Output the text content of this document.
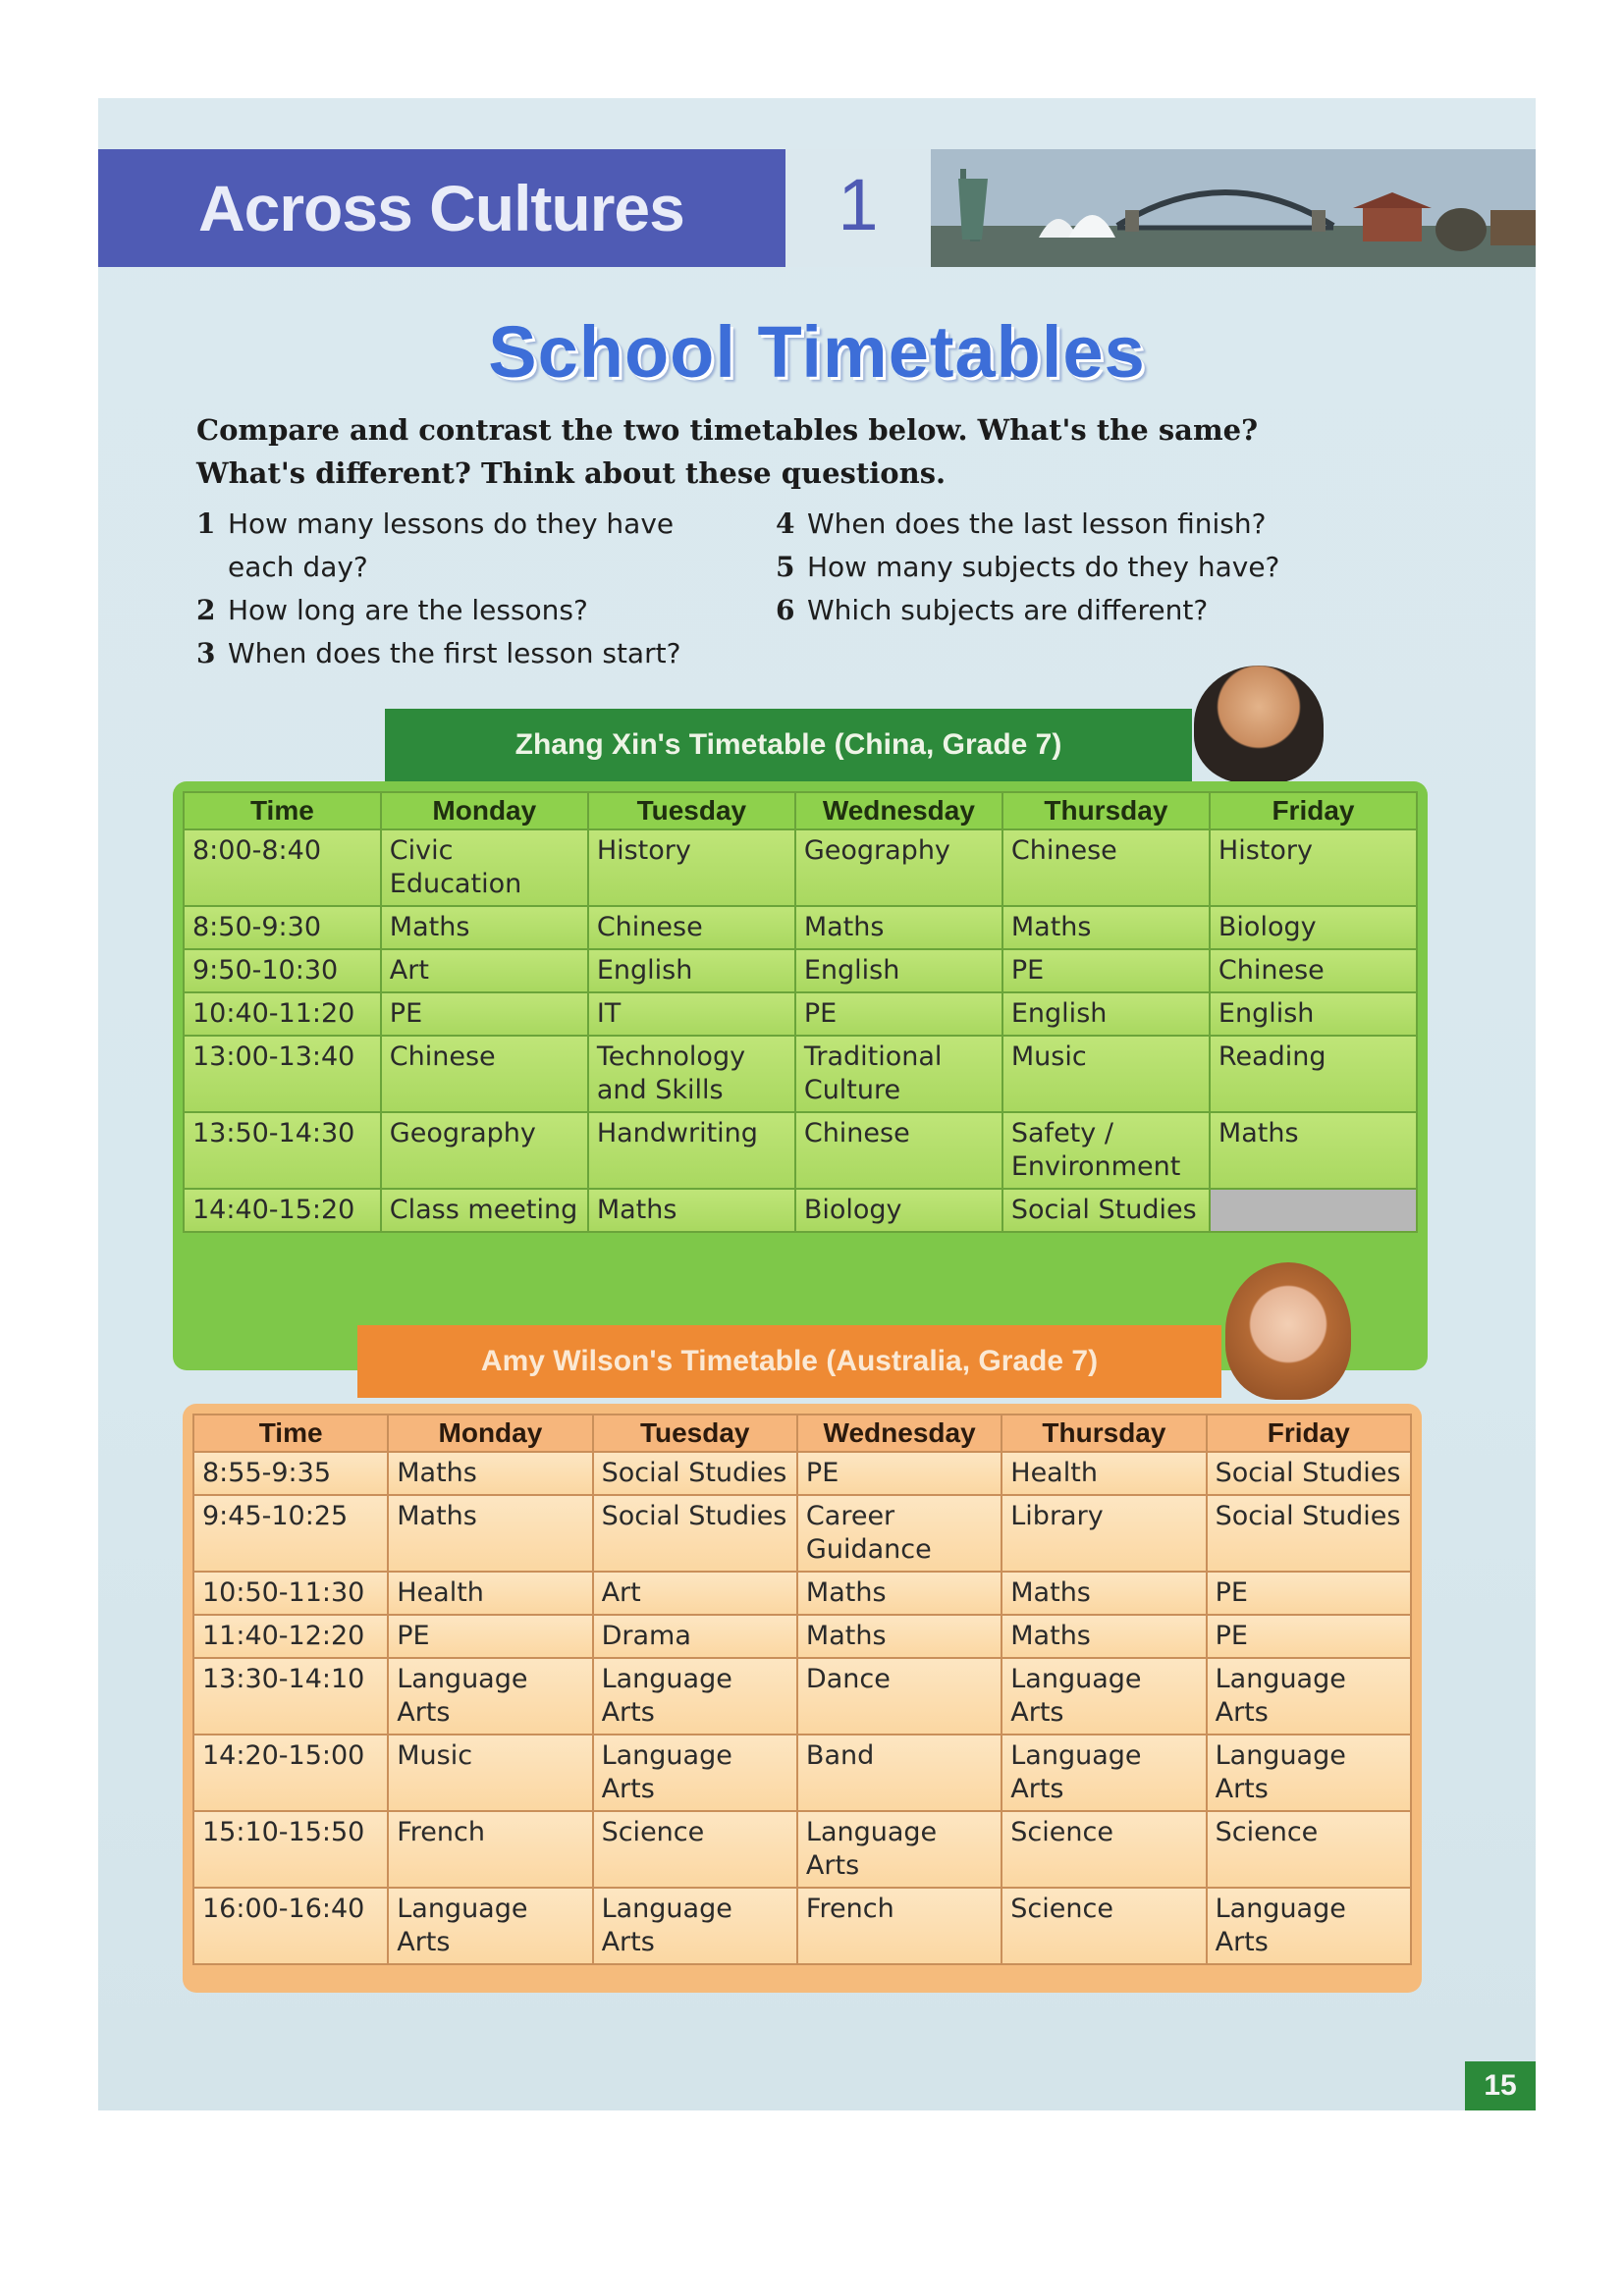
Across Cultures	1
School Timetables
Compare and contrast the two timetables below. What's the same?
What's different? Think about these questions.
1 How many lessons do they have each day?
2 How long are the lessons?
3 When does the first lesson start?
4 When does the last lesson finish?
5 How many subjects do they have?
6 Which subjects are different?
Zhang Xin's Timetable (China, Grade 7)
Time	Monday	Tuesday	Wednesday	Thursday	Friday
8:00-8:40	Civic Education	History	Geography	Chinese	History
8:50-9:30	Maths	Chinese	Maths	Maths	Biology
9:50-10:30	Art	English	English	PE	Chinese
10:40-11:20	PE	IT	PE	English	English
13:00-13:40	Chinese	Technology and Skills	Traditional Culture	Music	Reading
13:50-14:30	Geography	Handwriting	Chinese	Safety / Environment	Maths
14:40-15:20	Class meeting	Maths	Biology	Social Studies	
Amy Wilson's Timetable (Australia, Grade 7)
Time	Monday	Tuesday	Wednesday	Thursday	Friday
8:55-9:35	Maths	Social Studies	PE	Health	Social Studies
9:45-10:25	Maths	Social Studies	Career Guidance	Library	Social Studies
10:50-11:30	Health	Art	Maths	Maths	PE
11:40-12:20	PE	Drama	Maths	Maths	PE
13:30-14:10	Language Arts	Language Arts	Dance	Language Arts	Language Arts
14:20-15:00	Music	Language Arts	Band	Language Arts	Language Arts
15:10-15:50	French	Science	Language Arts	Science	Science
16:00-16:40	Language Arts	Language Arts	French	Science	Language Arts
15
